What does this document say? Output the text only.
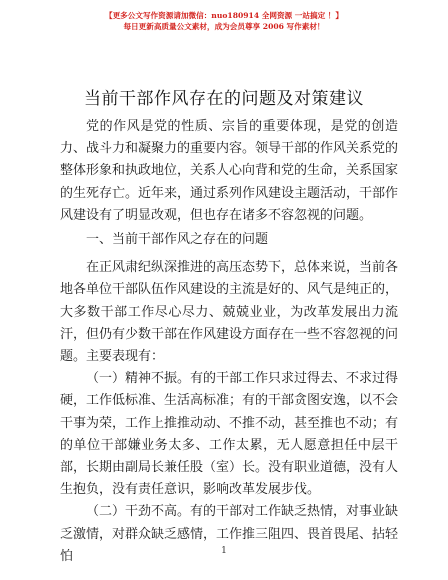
【更多公文写作资源请加微信：nuo180914 全网资源 一站搞定 ！】
每日更新高质量公文素材，成为会员尊享 2006 写作素材！
当前干部作风存在的问题及对策建议

党的作风是党的性质、宗旨的重要体现，是党的创造力、战斗力和凝聚力的重要内容。领导干部的作风关系党的整体形象和执政地位，关系人心向背和党的生命，关系国家的生死存亡。近年来，通过系列作风建设主题活动，干部作风建设有了明显改观，但也存在诸多不容忽视的问题。

一、当前干部作风之存在的问题

在正风肃纪纵深推进的高压态势下，总体来说，当前各地各单位干部队伍作风建设的主流是好的、风气是纯正的，大多数干部工作尽心尽力、兢兢业业，为改革发展出力流汗，但仍有少数干部在作风建设方面存在一些不容忽视的问题。主要表现有：

（一）精神不振。有的干部工作只求过得去、不求过得硬，工作低标准、生活高标准；有的干部贪图安逸，以不会干事为荣，工作上推推动动、不推不动，甚至推也不动；有的单位干部嫌业务太多、工作太累，无人愿意担任中层干部，长期由副局长兼任股（室）长。没有职业道德，没有人生抱负，没有责任意识，影响改革发展步伐。

（二）干劲不高。有的干部对工作缺乏热情，对事业缺乏激情，对群众缺乏感情，工作推三阻四、畏首畏尾、拈轻怕	1
